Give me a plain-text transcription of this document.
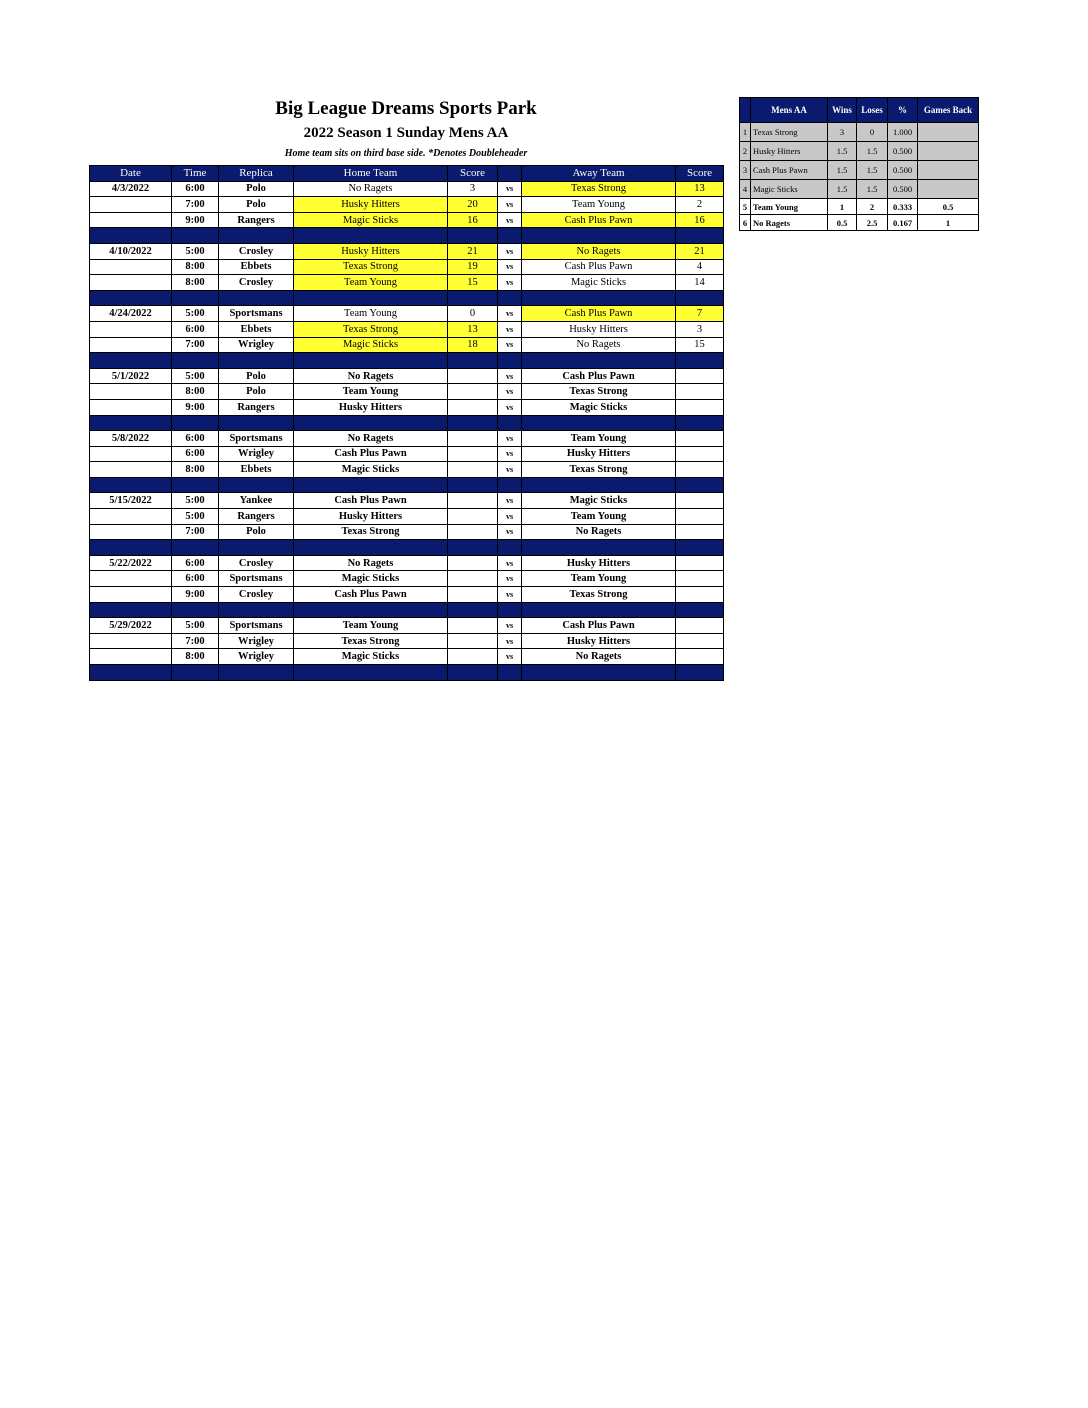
Big League Dreams Sports Park
2022 Season 1 Sunday Mens AA
Home team sits on third base side. *Denotes Doubleheader
Date	Time	Replica	Home Team	Score		Away Team	Score
4/3/2022	6:00	Polo	No Ragets	3	vs	Texas Strong	13
	7:00	Polo	Husky Hitters	20	vs	Team Young	2
	9:00	Rangers	Magic Sticks	16	vs	Cash Plus Pawn	16

4/10/2022	5:00	Crosley	Husky Hitters	21	vs	No Ragets	21
	8:00	Ebbets	Texas Strong	19	vs	Cash Plus Pawn	4
	8:00	Crosley	Team Young	15	vs	Magic Sticks	14

4/24/2022	5:00	Sportsmans	Team Young	0	vs	Cash Plus Pawn	7
	6:00	Ebbets	Texas Strong	13	vs	Husky Hitters	3
	7:00	Wrigley	Magic Sticks	18	vs	No Ragets	15

5/1/2022	5:00	Polo	No Ragets		vs	Cash Plus Pawn	
	8:00	Polo	Team Young		vs	Texas Strong	
	9:00	Rangers	Husky Hitters		vs	Magic Sticks	

5/8/2022	6:00	Sportsmans	No Ragets		vs	Team Young	
	6:00	Wrigley	Cash Plus Pawn		vs	Husky Hitters	
	8:00	Ebbets	Magic Sticks		vs	Texas Strong	

5/15/2022	5:00	Yankee	Cash Plus Pawn		vs	Magic Sticks	
	5:00	Rangers	Husky Hitters		vs	Team Young	
	7:00	Polo	Texas Strong		vs	No Ragets	

5/22/2022	6:00	Crosley	No Ragets		vs	Husky Hitters	
	6:00	Sportsmans	Magic Sticks		vs	Team Young	
	9:00	Crosley	Cash Plus Pawn		vs	Texas Strong	

5/29/2022	5:00	Sportsmans	Team Young		vs	Cash Plus Pawn	
	7:00	Wrigley	Texas Strong		vs	Husky Hitters	
	8:00	Wrigley	Magic Sticks		vs	No Ragets	

	Mens AA	Wins	Loses	%	Games Back
1	Texas Strong	3	0	1.000	
2	Husky Hitters	1.5	1.5	0.500	
3	Cash Plus Pawn	1.5	1.5	0.500	
4	Magic Sticks	1.5	1.5	0.500	
5	Team Young	1	2	0.333	0.5
6	No Ragets	0.5	2.5	0.167	1
